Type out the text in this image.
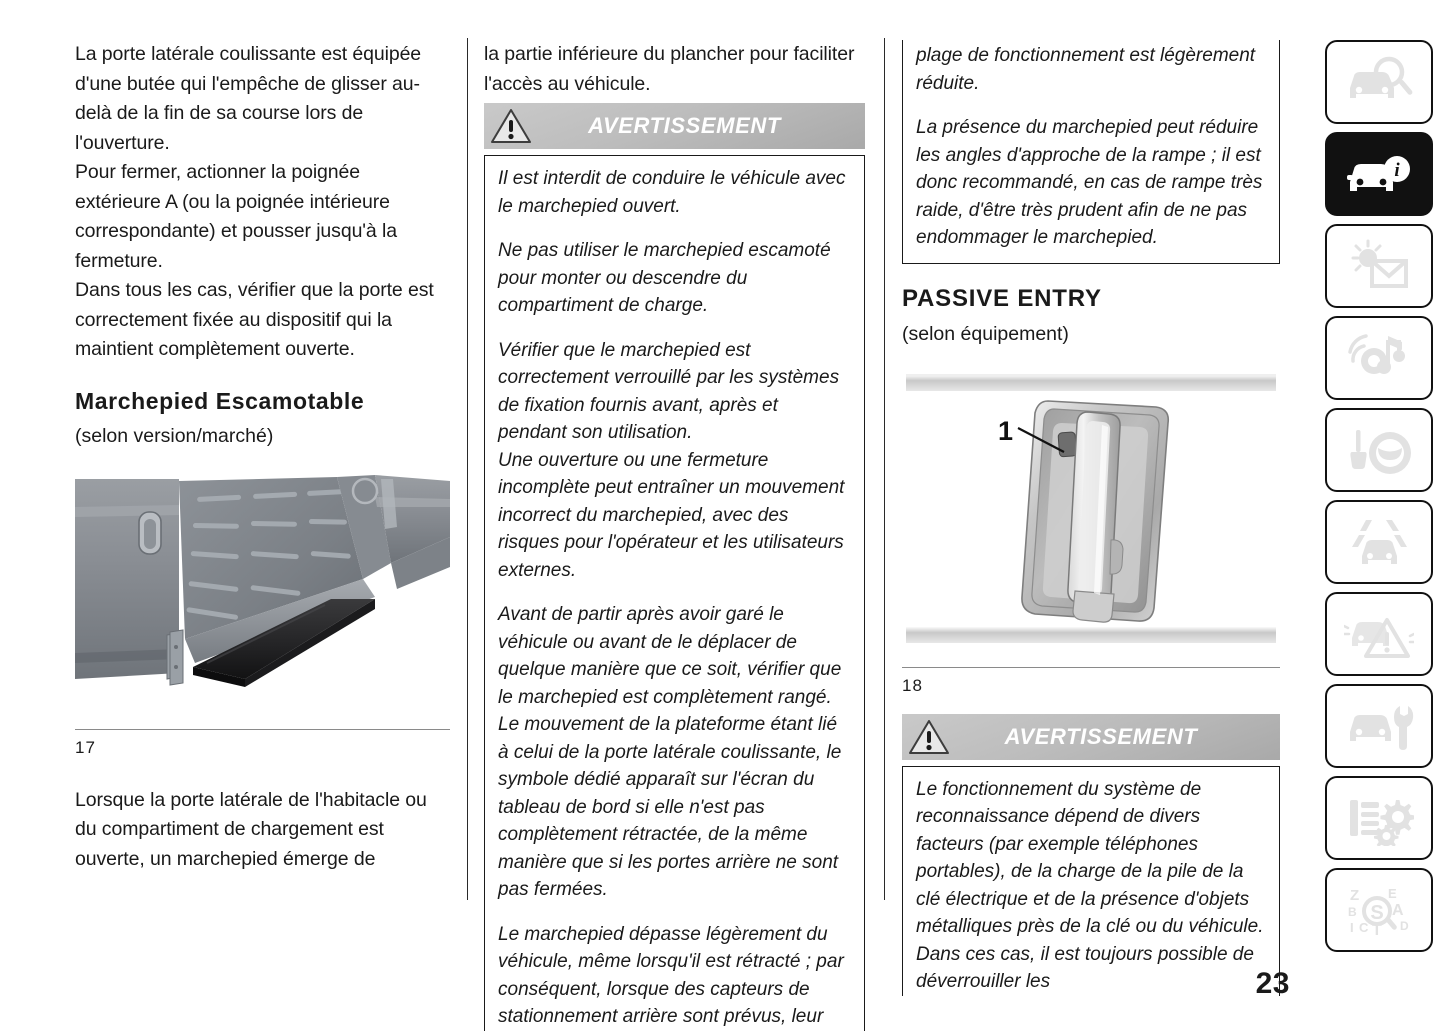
La porte latérale coulissante est équipée d'une butée qui l'empêche de glisser au-delà de la fin de sa course lors de l'ouverture.

Pour fermer, actionner la poignée extérieure A (ou la poignée intérieure correspondante) et pousser jusqu'à la fermeture.

Dans tous les cas, vérifier que la porte est correctement fixée au dispositif qui la maintient complètement ouverte.

Marchepied Escamotable

(selon version/marché)

17

Lorsque la porte latérale de l'habitacle ou du compartiment de chargement est ouverte, un marchepied émerge de

la partie inférieure du plancher pour faciliter l'accès au véhicule.

AVERTISSEMENT

Il est interdit de conduire le véhicule avec le marchepied ouvert.

Ne pas utiliser le marchepied escamoté pour monter ou descendre du compartiment de charge.

Vérifier que le marchepied est correctement verrouillé par les systèmes de fixation fournis avant, après et pendant son utilisation.

Une ouverture ou une fermeture incomplète peut entraîner un mouvement incorrect du marchepied, avec des risques pour l'opérateur et les utilisateurs externes.

Avant de partir après avoir garé le véhicule ou avant de le déplacer de quelque manière que ce soit, vérifier que le marchepied est complètement rangé. Le mouvement de la plateforme étant lié à celui de la porte latérale coulissante, le symbole dédié apparaît sur l'écran du tableau de bord si elle n'est pas complètement rétractée, de la même manière que si les portes arrière ne sont pas fermées.

Le marchepied dépasse légèrement du véhicule, même lorsqu'il est rétracté ; par conséquent, lorsque des capteurs de stationnement arrière sont prévus, leur

plage de fonctionnement est légèrement réduite.

La présence du marchepied peut réduire les angles d'approche de la rampe ; il est donc recommandé, en cas de rampe très raide, d'être très prudent afin de ne pas endommager le marchepied.

PASSIVE ENTRY

(selon équipement)

1
18
AVERTISSEMENT

Le fonctionnement du système de reconnaissance dépend de divers facteurs (par exemple téléphones portables), de la charge de la pile de la clé électrique et de la présence d'objets métalliques près de la clé ou du véhicule. Dans ces cas, il est toujours possible de déverrouiller les

i
Z
B
I C T
E
A
D
S
23
